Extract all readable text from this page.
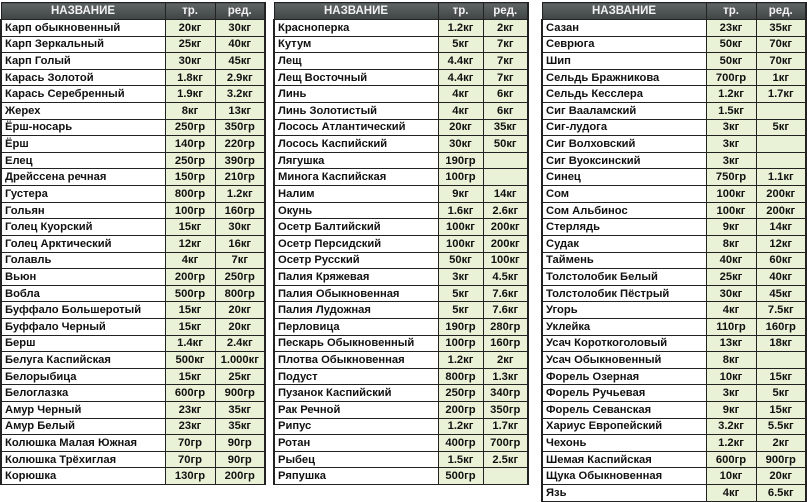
НАЗВАНИЕ	тр.	ред.
Карп обыкновенный	20кг	30кг
Карп Зеркальный	25кг	40кг
Карп Голый	30кг	45кг
Карась Золотой	1.8кг	2.9кг
Карась Серебренный	1.9кг	3.2кг
Жерех	8кг	13кг
Ёрш-носарь	250гр	350гр
Ёрш	140гр	220гр
Елец	250гр	390гр
Дрейссена речная	150гр	210гр
Густера	800гр	1.2кг
Гольян	100гр	160гр
Голец Куорский	15кг	30кг
Голец Арктический	12кг	16кг
Голавль	4кг	7кг
Вьюн	200гр	250гр
Вобла	500гр	800гр
Буффало Большеротый	15кг	20кг
Буффало Черный	15кг	20кг
Берш	1.4кг	2.4кг
Белуга Каспийская	500кг	1.000кг
Белорыбица	15кг	25кг
Белоглазка	600гр	900гр
Амур Черный	23кг	35кг
Амур Белый	23кг	35кг
Колюшка Малая Южная	70гр	90гр
Колюшка Трёхиглая	70гр	90гр
Корюшка	130гр	200гр
НАЗВАНИЕ	тр.	ред.
Красноперка	1.2кг	2кг
Кутум	5кг	7кг
Лещ	4.4кг	7кг
Лещ Восточный	4.4кг	7кг
Линь	4кг	6кг
Линь Золотистый	4кг	6кг
Лосось Атлантический	20кг	35кг
Лосось Каспийский	30кг	50кг
Лягушка	190гр	
Минога Каспийская	100гр	
Налим	9кг	14кг
Окунь	1.6кг	2.6кг
Осетр Балтийский	100кг	200кг
Осетр Персидский	100кг	200кг
Осетр Русский	50кг	100кг
Палия Кряжевая	3кг	4.5кг
Палия Обыкновенная	5кг	7.6кг
Палия Лудожная	5кг	7.6кг
Перловица	190гр	280гр
Пескарь Обыкновенный	100гр	160гр
Плотва Обыкновенная	1.2кг	2кг
Подуст	800гр	1.3кг
Пузанок Каспийский	250гр	340гр
Рак Речной	200гр	350гр
Рипус	1.2кг	1.7кг
Ротан	400гр	700гр
Рыбец	1.5кг	2.5кг
Ряпушка	500гр	
НАЗВАНИЕ	тр.	ред.
Сазан	23кг	35кг
Севрюга	50кг	70кг
Шип	50кг	70кг
Сельдь Бражникова	700гр	1кг
Сельдь Кесслера	1.2кг	1.7кг
Сиг Вааламский	1.5кг	
Сиг-лудога	3кг	5кг
Сиг Волховский	3кг	
Сиг Вуоксинский	3кг	
Синец	750гр	1.1кг
Сом	100кг	200кг
Сом Альбинос	100кг	200кг
Стерлядь	9кг	14кг
Судак	8кг	12кг
Таймень	40кг	60кг
Толстолобик Белый	25кг	40кг
Толстолобик Пёстрый	30кг	45кг
Угорь	4кг	7.5кг
Уклейка	110гр	160гр
Усач Короткоголовый	13кг	18кг
Усач Обыкновенный	8кг	
Форель Озерная	10кг	15кг
Форель Ручьевая	3кг	5кг
Форель Севанская	9кг	15кг
Хариус Европейский	3.2кг	5.5кг
Чехонь	1.2кг	2кг
Шемая Каспийская	600гр	900гр
Щука Обыкновенная	10кг	20кг
Язь	4кг	6.5кг
